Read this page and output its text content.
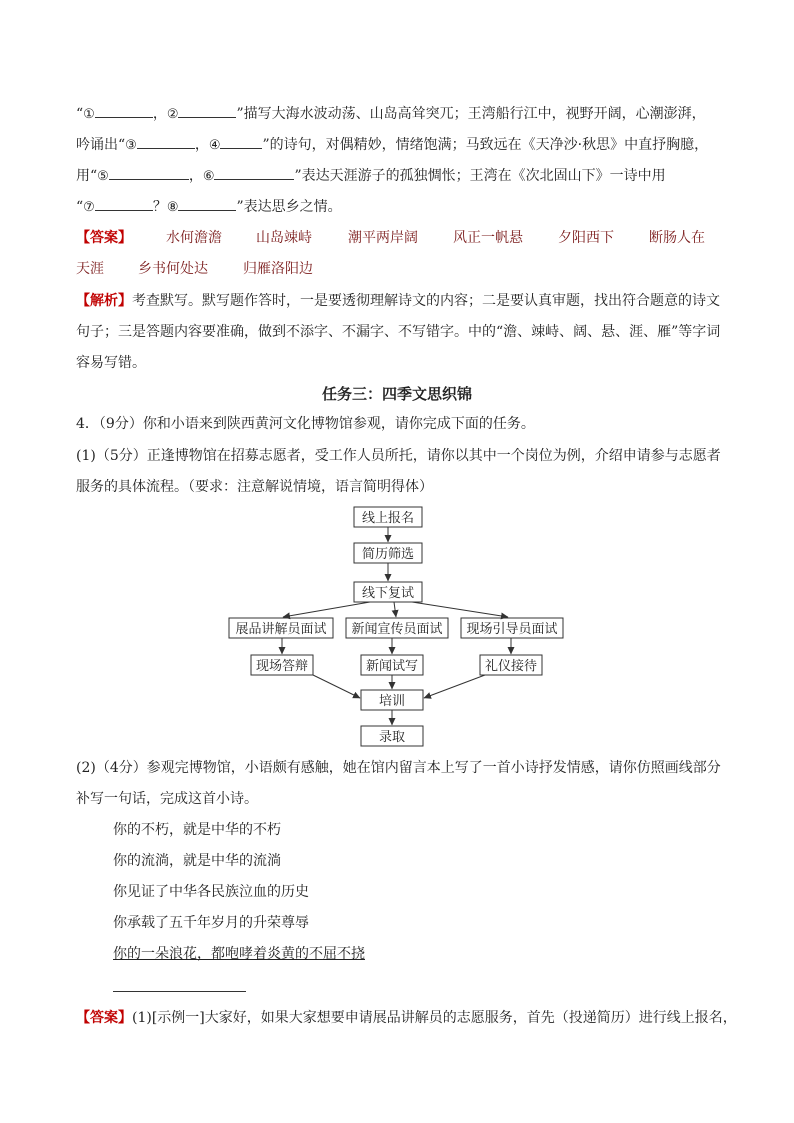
“①	，②	”描写大海水波动荡、山岛高耸突兀；王湾船行江中，视野开阔，心潮澎湃，
吟诵出“③	，④	”的诗句，对偶精妙，情绪饱满；马致远在《天净沙·秋思》中直抒胸臆，
用“⑤	，⑥	”表达天涯游子的孤独惆怅；王湾在《次北固山下》一诗中用
“⑦	？⑧	”表达思乡之情。
【答案】 水何澹澹 山岛竦峙	潮平两岸阔	风正一帆悬	夕阳西下	断肠人在
天涯 乡书何处达	归雁洛阳边
【解析】考查默写。默写题作答时，一是要透彻理解诗文的内容；二是要认真审题，找出符合题意的诗文
句子；三是答题内容要准确，做到不添字、不漏字、不写错字。中的“澹、竦峙、阔、悬、涯、雁”等字词
容易写错。
任务三：四季文思织锦
4．（9分）你和小语来到陕西黄河文化博物馆参观，请你完成下面的任务。
(1)（5分）正逢博物馆在招募志愿者，受工作人员所托，请你以其中一个岗位为例，介绍申请参与志愿者
服务的具体流程。（要求：注意解说情境，语言简明得体）
线上报名
简历筛选
线下复试
展品讲解员面试 新闻宣传员面试 现场引导员面试
现场答辩	新闻试写	礼仪接待
培训
录取
(2)（4分）参观完博物馆，小语颇有感触，她在馆内留言本上写了一首小诗抒发情感，请你仿照画线部分
补写一句话，完成这首小诗。
你的不朽，就是中华的不朽
你的流淌，就是中华的流淌
你见证了中华各民族泣血的历史
你承载了五千年岁月的升荣尊辱
你的一朵浪花，都咆哮着炎黄的不屈不挠
【答案】(1)[示例一]大家好，如果大家想要申请展品讲解员的志愿服务，首先（投递简历）进行线上报名，
